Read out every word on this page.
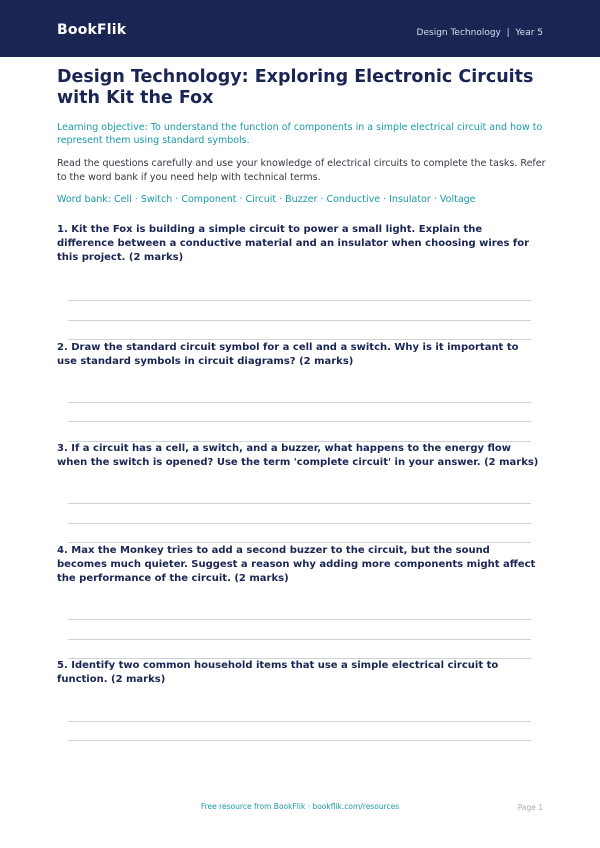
BookFlik	Design Technology  |  Year 5
Design Technology: Exploring Electronic Circuits with Kit the Fox

Learning objective: To understand the function of components in a simple electrical circuit and how to represent them using standard symbols.

Read the questions carefully and use your knowledge of electrical circuits to complete the tasks. Refer to the word bank if you need help with technical terms.

Word bank: Cell · Switch · Component · Circuit · Buzzer · Conductive · Insulator · Voltage

1. Kit the Fox is building a simple circuit to power a small light. Explain the difference between a conductive material and an insulator when choosing wires for this project. (2 marks)

2. Draw the standard circuit symbol for a cell and a switch. Why is it important to use standard symbols in circuit diagrams? (2 marks)

3. If a circuit has a cell, a switch, and a buzzer, what happens to the energy flow when the switch is opened? Use the term 'complete circuit' in your answer. (2 marks)

4. Max the Monkey tries to add a second buzzer to the circuit, but the sound becomes much quieter. Suggest a reason why adding more components might affect the performance of the circuit. (2 marks)

5. Identify two common household items that use a simple electrical circuit to function. (2 marks)

Free resource from BookFlik · bookflik.com/resources	Page 1
